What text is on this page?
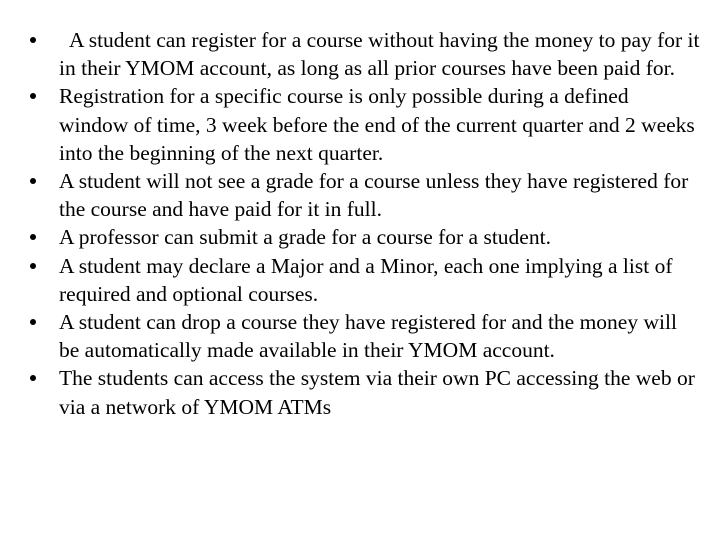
A student can register for a course without having the money to pay for it in their YMOM account, as long as all prior courses have been paid for.
Registration for a specific course is only possible during a defined window of time, 3 week before the end of the current quarter and 2 weeks into the beginning of the next quarter.
A student will not see a grade for a course unless they have registered for the course and have paid for it in full.
A professor can submit a grade for a course for a student.
A student may declare a Major and a Minor, each one implying a list of required and optional courses.
A student can drop a course they have registered for and the money will be automatically made available in their YMOM account.
The students can access the system via their own PC accessing the web or via a network of YMOM ATMs
